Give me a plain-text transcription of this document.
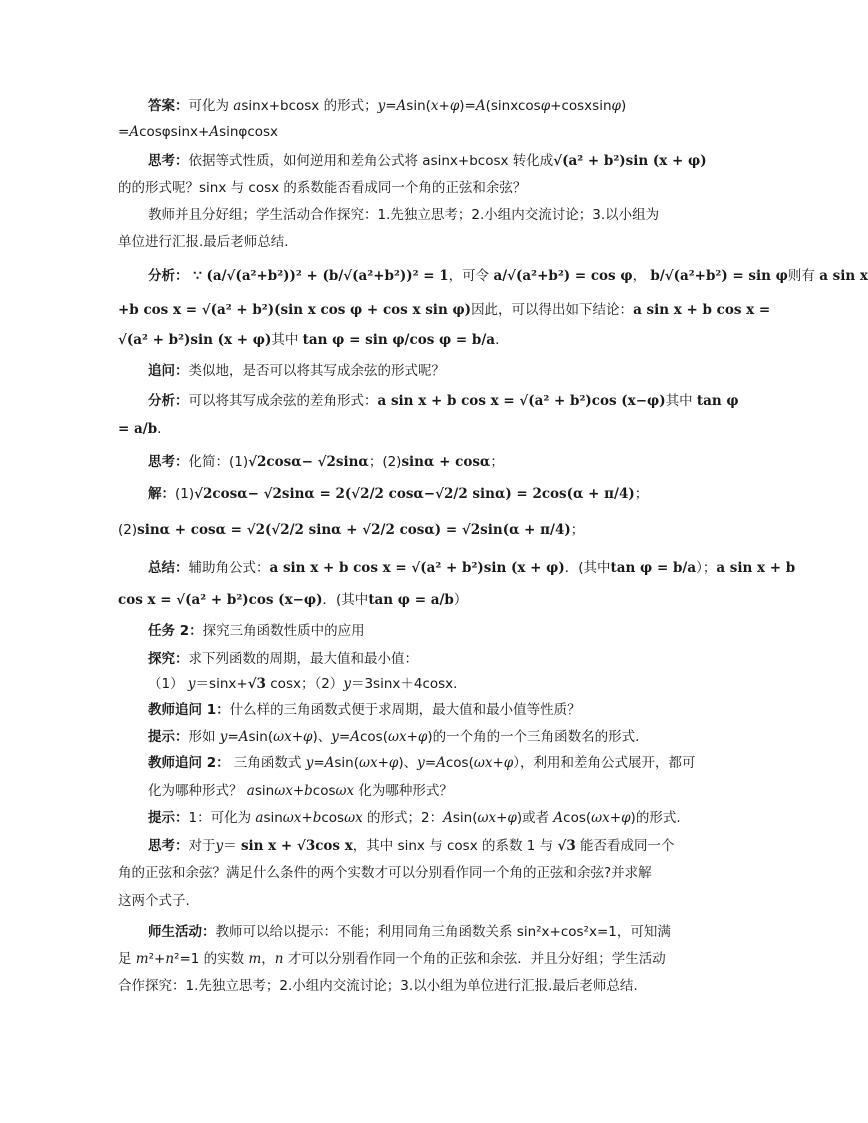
答案：可化为 asinx+bcosx 的形式；y=Asin(x+φ)=A(sinxcosφ+cosxsinφ)
=Acosφsinx+Asinφcosx
思考：依据等式性质，如何逆用和差角公式将 asinx+bcosx 转化成√(a² + b²)sin (x + φ)
的的形式呢？sinx 与 cosx 的系数能否看成同一个角的正弦和余弦？
教师并且分好组；学生活动合作探究：1.先独立思考；2.小组内交流讨论；3.以小组为
单位进行汇报.最后老师总结.
分析： ∵ (a/√(a²+b²))² + (b/√(a²+b²))² = 1，可令 a/√(a²+b²) = cos φ， b/√(a²+b²) = sin φ则有 a sin x
+b cos x = √(a² + b²)(sin x cos φ + cos x sin φ)因此，可以得出如下结论：a sin x + b cos x =
√(a² + b²)sin (x + φ)其中 tan φ = sin φ/cos φ = b/a.
追问：类似地，是否可以将其写成余弦的形式呢？
分析：可以将其写成余弦的差角形式：a sin x + b cos x = √(a² + b²)cos (x−φ)其中 tan φ
= a/b.
思考：化简：(1)√2cosα− √2sinα；(2)sinα + cosα；
解：(1)√2cosα− √2sinα = 2(√2/2 cosα−√2/2 sinα) = 2cos(α + π/4)；
(2)sinα + cosα = √2(√2/2 sinα + √2/2 cosα) = √2sin(α + π/4)；
总结：辅助角公式：a sin x + b cos x = √(a² + b²)sin (x + φ)．(其中tan φ = b/a）；a sin x + b
cos x = √(a² + b²)cos (x−φ)．(其中tan φ = a/b）
任务 2：探究三角函数性质中的应用
探究：求下列函数的周期，最大值和最小值：
（1） y＝sinx+√3 cosx；（2）y＝3sinx＋4cosx.
教师追问 1：什么样的三角函数式便于求周期，最大值和最小值等性质？
提示：形如 y=Asin(ωx+φ)、y=Acos(ωx+φ)的一个角的一个三角函数名的形式.
教师追问 2： 三角函数式 y=Asin(ωx+φ)、y=Acos(ωx+φ），利用和差角公式展开，都可
化为哪种形式？ asinωx+bcosωx 化为哪种形式？
提示：1：可化为 asinωx+bcosωx 的形式；2：Asin(ωx+φ)或者 Acos(ωx+φ)的形式.
思考：对于y＝ sin x + √3cos x，其中 sinx 与 cosx 的系数 1 与 √3 能否看成同一个
角的正弦和余弦？满足什么条件的两个实数才可以分别看作同一个角的正弦和余弦?并求解
这两个式子.
师生活动：教师可以给以提示：不能；利用同角三角函数关系 sin²x+cos²x=1，可知满
足 m²+n²=1 的实数 m，n 才可以分别看作同一个角的正弦和余弦．并且分好组；学生活动
合作探究：1.先独立思考；2.小组内交流讨论；3.以小组为单位进行汇报.最后老师总结.
